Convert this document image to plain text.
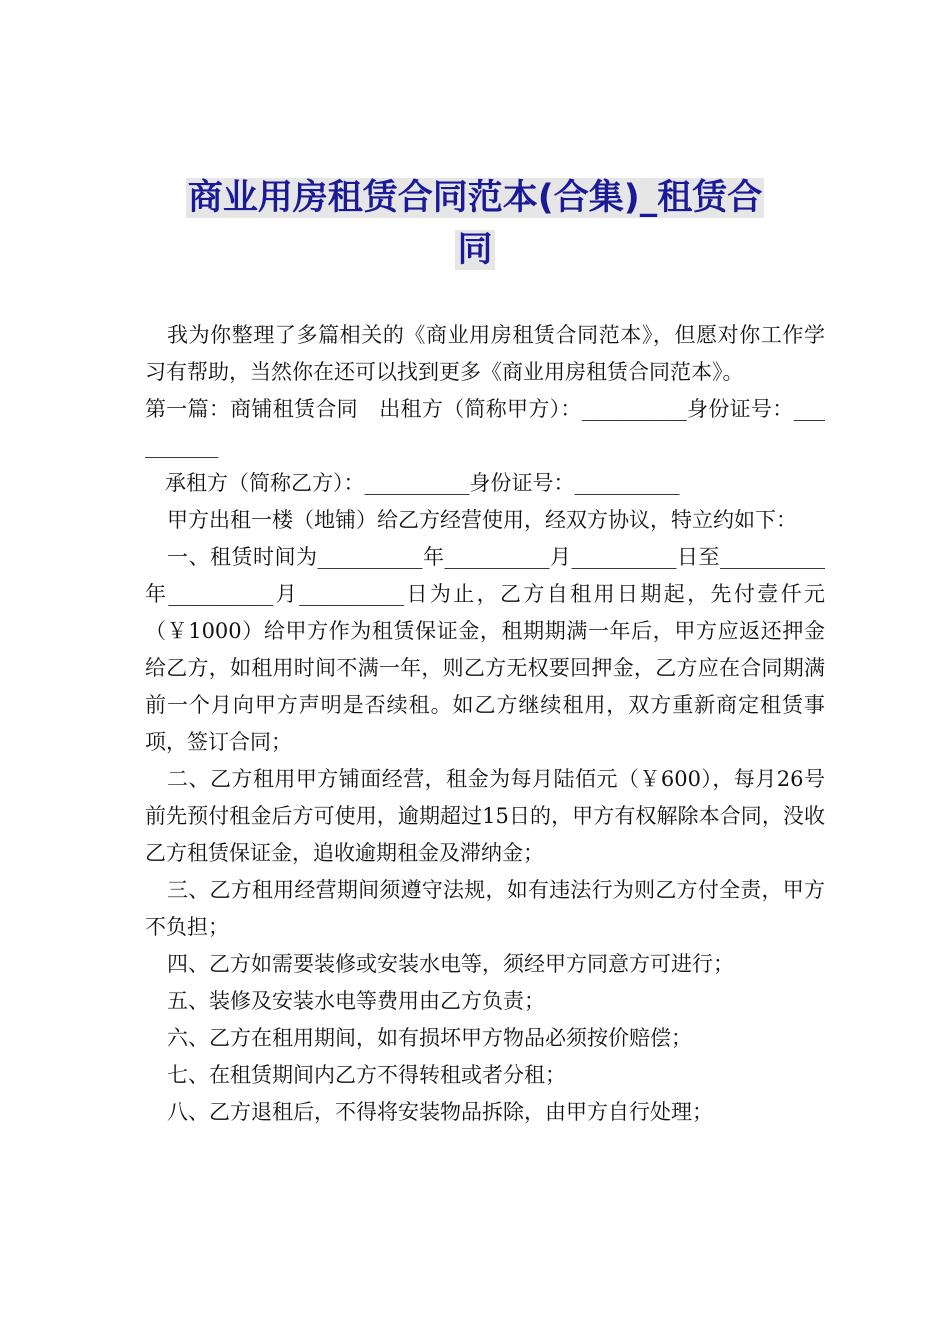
商业用房租赁合同范本(合集)_租赁合
同

我为你整理了多篇相关的《商业用房租赁合同范本》，但愿对你工作学习有帮助，当然你在还可以找到更多《商业用房租赁合同范本》。

第一篇：商铺租赁合同　出租方（简称甲方）：__________身份证号：__________

承租方（简称乙方）：__________身份证号：__________

甲方出租一楼（地铺）给乙方经营使用，经双方协议，特立约如下：

一、租赁时间为__________年__________月__________日至__________年__________月__________日为止，乙方自租用日期起，先付壹仟元（￥1000）给甲方作为租赁保证金，租期期满一年后，甲方应返还押金给乙方，如租用时间不满一年，则乙方无权要回押金，乙方应在合同期满前一个月向甲方声明是否续租。如乙方继续租用，双方重新商定租赁事项，签订合同；

二、乙方租用甲方铺面经营，租金为每月陆佰元（￥600），每月26号前先预付租金后方可使用，逾期超过15日的，甲方有权解除本合同，没收乙方租赁保证金，追收逾期租金及滞纳金；

三、乙方租用经营期间须遵守法规，如有违法行为则乙方付全责，甲方不负担；

四、乙方如需要装修或安装水电等，须经甲方同意方可进行；

五、装修及安装水电等费用由乙方负责；

六、乙方在租用期间，如有损坏甲方物品必须按价赔偿；

七、在租赁期间内乙方不得转租或者分租；

八、乙方退租后，不得将安装物品拆除，由甲方自行处理；
